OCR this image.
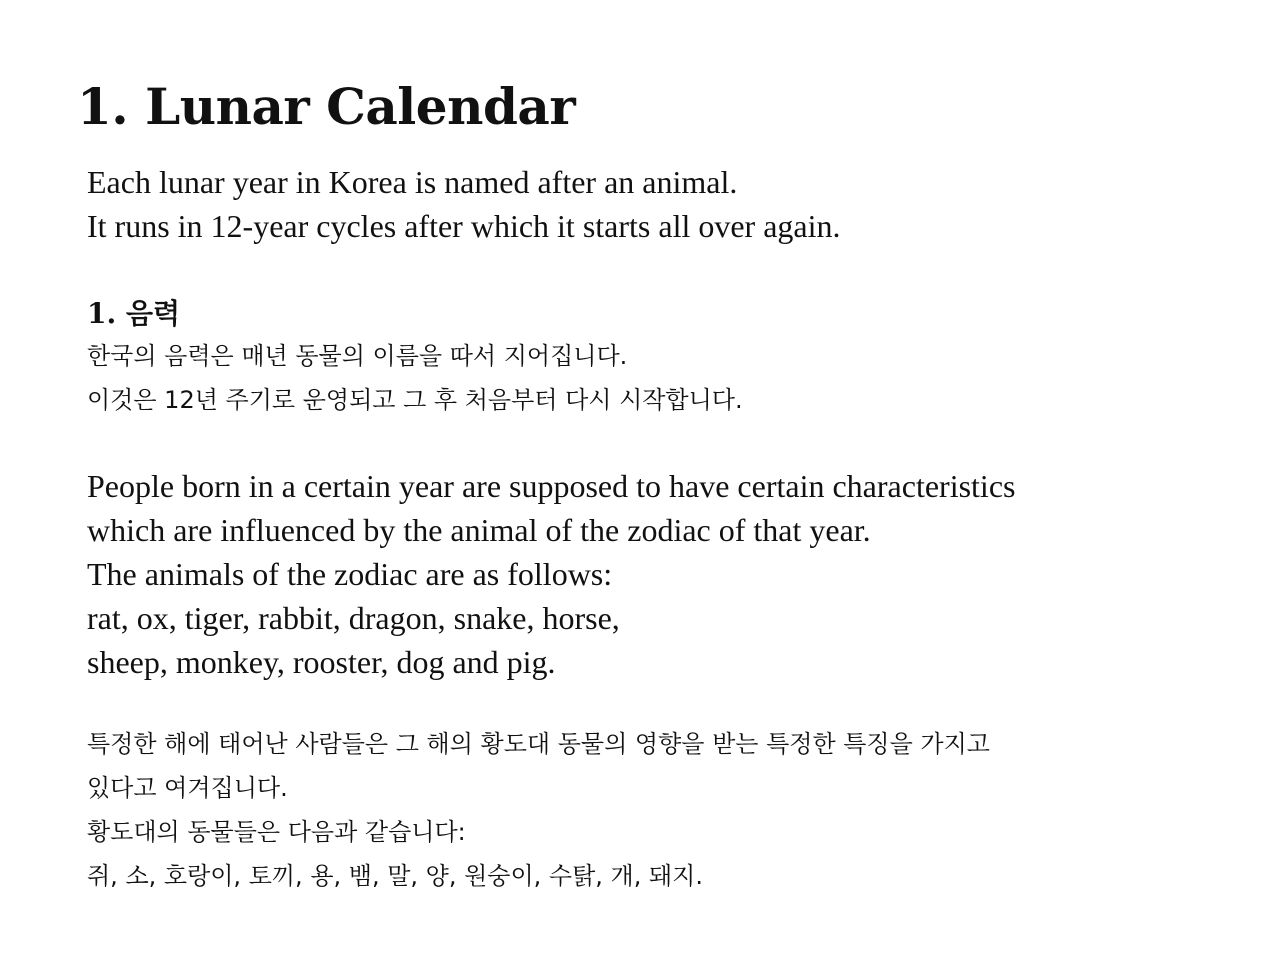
1. Lunar Calendar
Each lunar year in Korea is named after an animal.
It runs in 12-year cycles after which it starts all over again.
1. 음력
한국의 음력은 매년 동물의 이름을 따서 지어집니다.
이것은 12년 주기로 운영되고 그 후 처음부터 다시 시작합니다.
People born in a certain year are supposed to have certain characteristics
which are influenced by the animal of the zodiac of that year.
The animals of the zodiac are as follows:
rat, ox, tiger, rabbit, dragon, snake, horse,
sheep, monkey, rooster, dog and pig.
특정한 해에 태어난 사람들은 그 해의 황도대 동물의 영향을 받는 특정한 특징을 가지고
있다고 여겨집니다.
황도대의 동물들은 다음과 같습니다:
쥐, 소, 호랑이, 토끼, 용, 뱀, 말, 양, 원숭이, 수탉, 개, 돼지.
